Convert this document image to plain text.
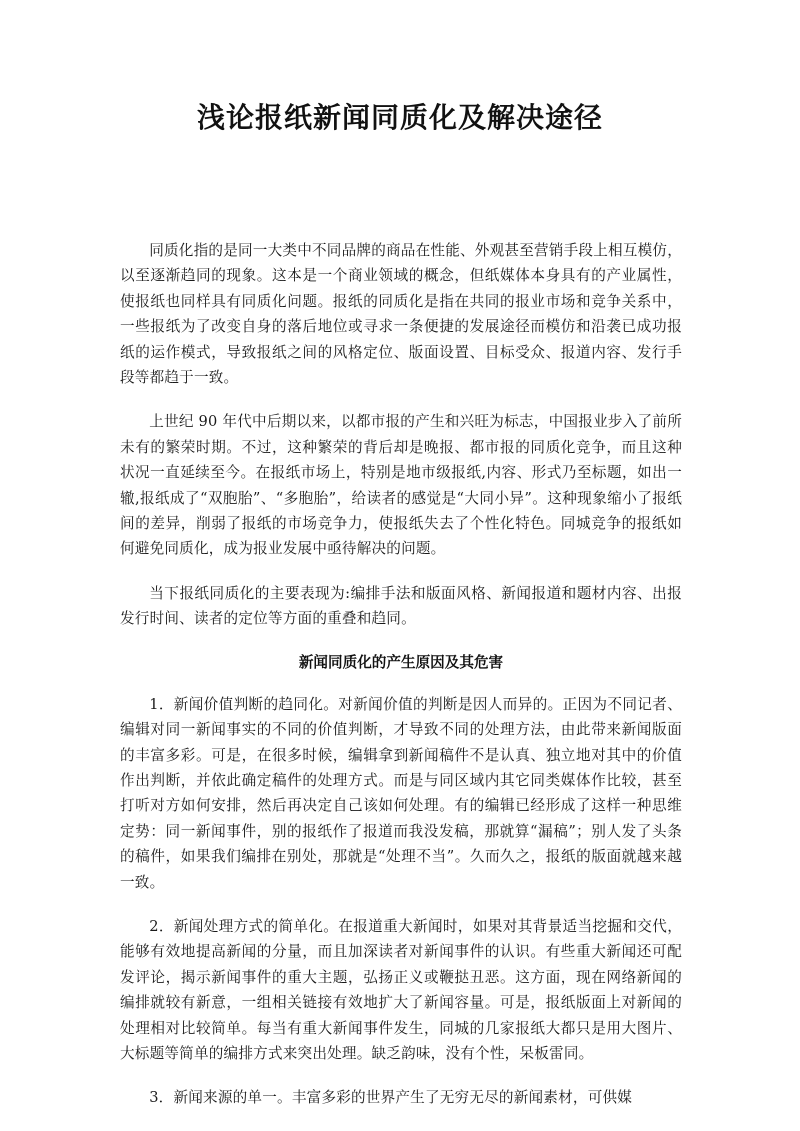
浅论报纸新闻同质化及解决途径

同质化指的是同一大类中不同品牌的商品在性能、外观甚至营销手段上相互模仿，以至逐渐趋同的现象。这本是一个商业领域的概念，但纸媒体本身具有的产业属性，使报纸也同样具有同质化问题。报纸的同质化是指在共同的报业市场和竞争关系中，一些报纸为了改变自身的落后地位或寻求一条便捷的发展途径而模仿和沿袭已成功报纸的运作模式，导致报纸之间的风格定位、版面设置、目标受众、报道内容、发行手段等都趋于一致。

上世纪 90 年代中后期以来，以都市报的产生和兴旺为标志，中国报业步入了前所未有的繁荣时期。不过，这种繁荣的背后却是晚报、都市报的同质化竞争，而且这种状况一直延续至今。在报纸市场上，特别是地市级报纸,内容、形式乃至标题，如出一辙,报纸成了“双胞胎”、“多胞胎”，给读者的感觉是“大同小异”。这种现象缩小了报纸间的差异，削弱了报纸的市场竞争力，使报纸失去了个性化特色。同城竞争的报纸如何避免同质化，成为报业发展中亟待解决的问题。

当下报纸同质化的主要表现为:编排手法和版面风格、新闻报道和题材内容、出报发行时间、读者的定位等方面的重叠和趋同。

新闻同质化的产生原因及其危害

1．新闻价值判断的趋同化。对新闻价值的判断是因人而异的。正因为不同记者、编辑对同一新闻事实的不同的价值判断，才导致不同的处理方法，由此带来新闻版面的丰富多彩。可是，在很多时候，编辑拿到新闻稿件不是认真、独立地对其中的价值作出判断，并依此确定稿件的处理方式。而是与同区域内其它同类媒体作比较，甚至打听对方如何安排，然后再决定自己该如何处理。有的编辑已经形成了这样一种思维定势：同一新闻事件，别的报纸作了报道而我没发稿，那就算“漏稿”；别人发了头条的稿件，如果我们编排在别处，那就是“处理不当”。久而久之，报纸的版面就越来越一致。

2．新闻处理方式的简单化。在报道重大新闻时，如果对其背景适当挖掘和交代，能够有效地提高新闻的分量，而且加深读者对新闻事件的认识。有些重大新闻还可配发评论，揭示新闻事件的重大主题，弘扬正义或鞭挞丑恶。这方面，现在网络新闻的编排就较有新意，一组相关链接有效地扩大了新闻容量。可是，报纸版面上对新闻的处理相对比较简单。每当有重大新闻事件发生，同城的几家报纸大都只是用大图片、大标题等简单的编排方式来突出处理。缺乏韵味，没有个性，呆板雷同。

3．新闻来源的单一。丰富多彩的世界产生了无穷无尽的新闻素材，可供媒
